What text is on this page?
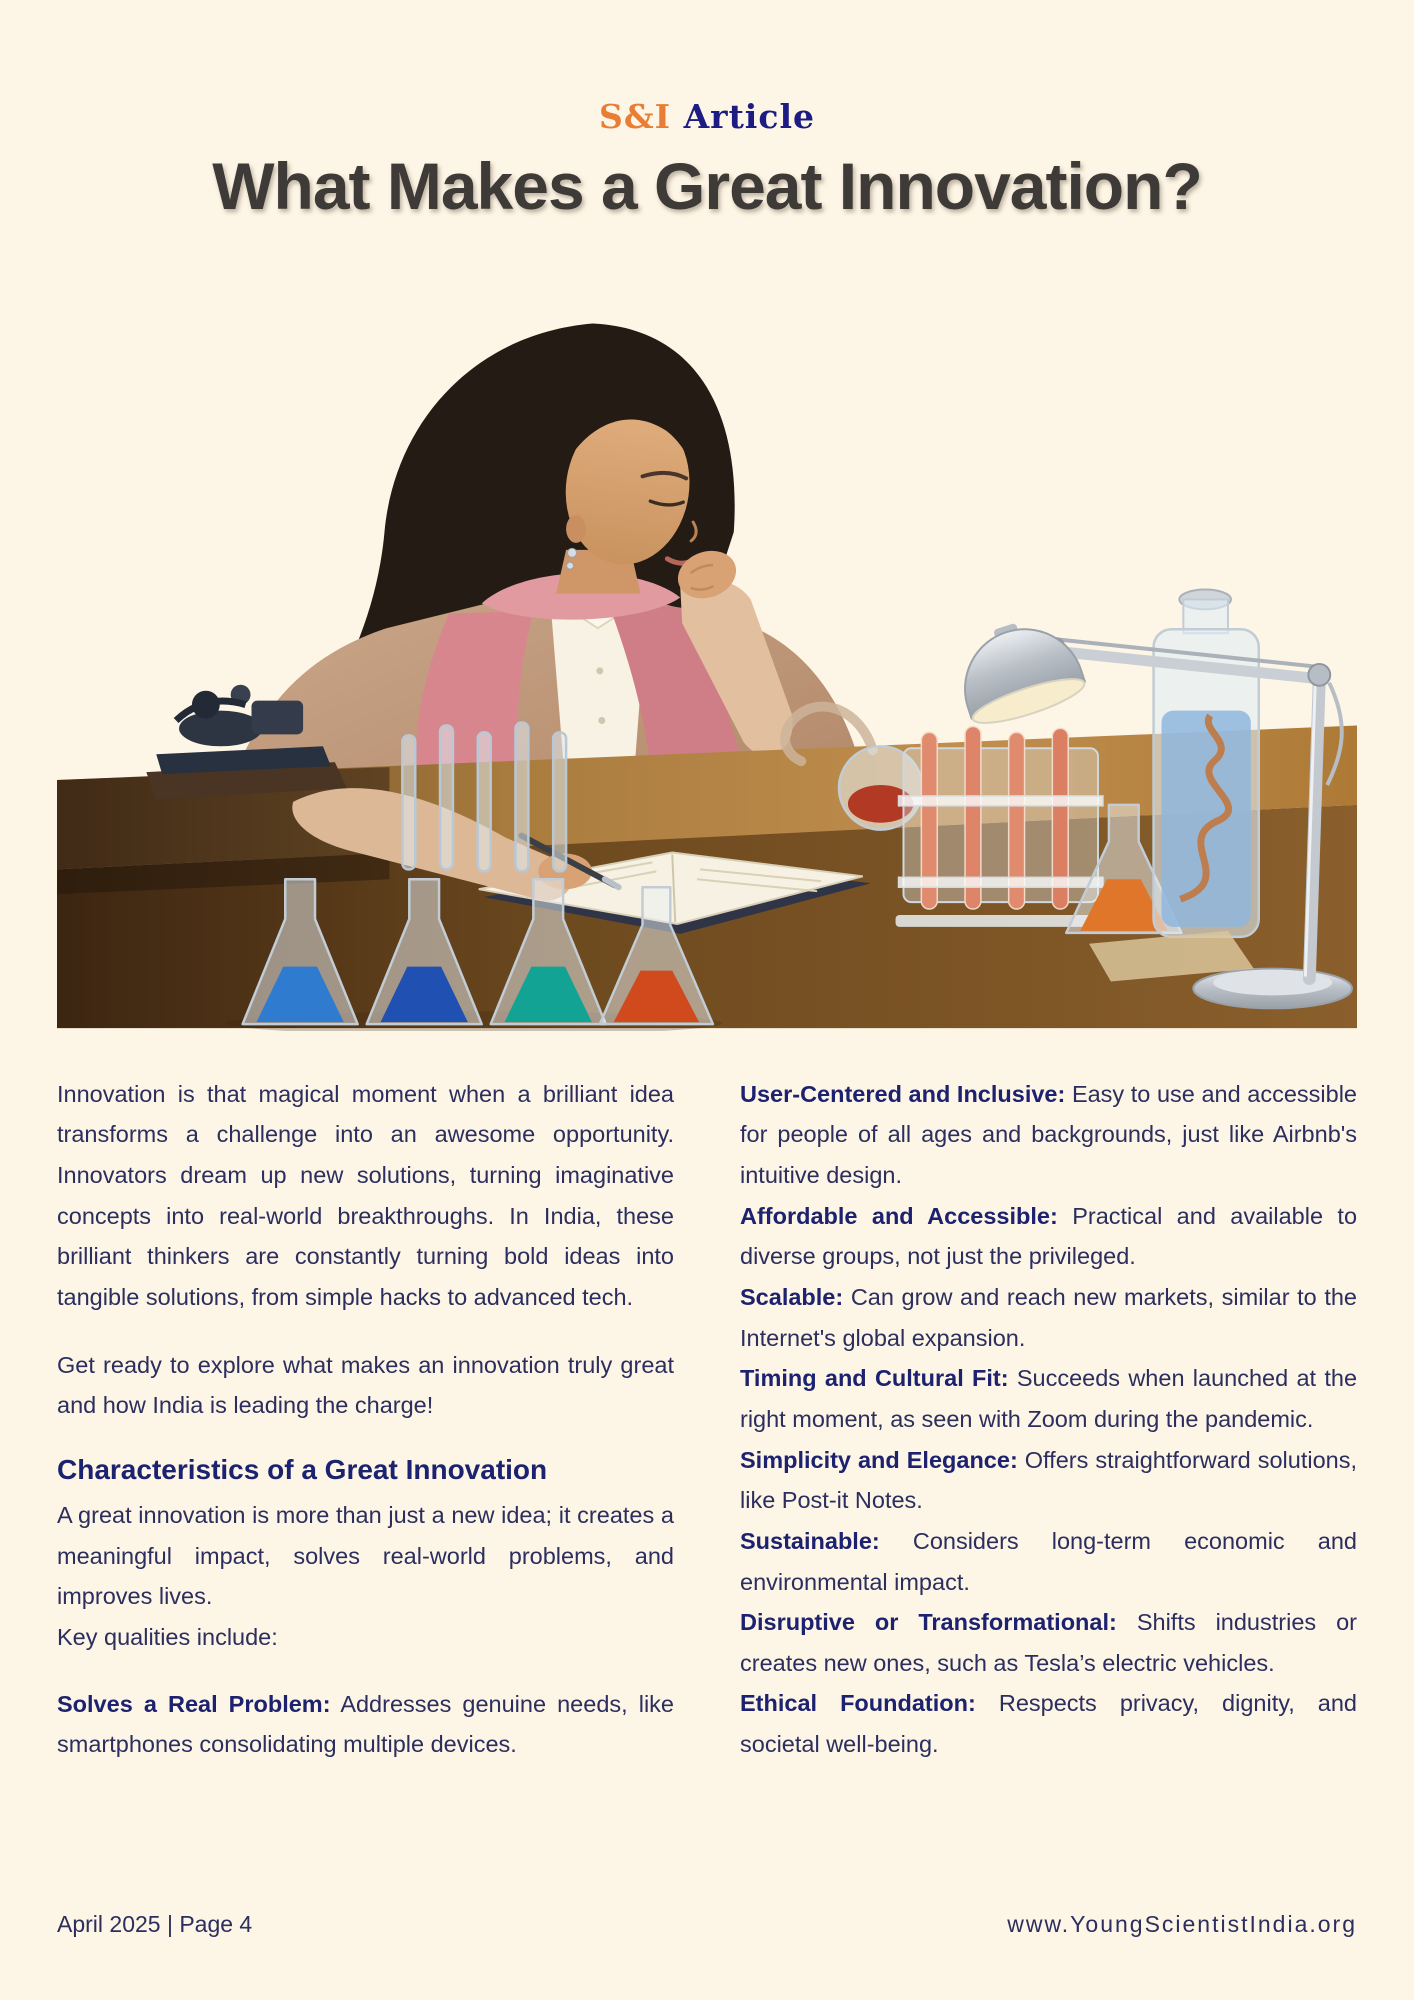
S&I Article
What Makes a Great Innovation?

Innovation is that magical moment when a brilliant idea transforms a challenge into an awesome opportunity. Innovators dream up new solutions, turning imaginative concepts into real-world breakthroughs. In India, these brilliant thinkers are constantly turning bold ideas into tangible solutions, from simple hacks to advanced tech.

Get ready to explore what makes an innovation truly great and how India is leading the charge!

Characteristics of a Great Innovation

A great innovation is more than just a new idea; it creates a meaningful impact, solves real-world problems, and improves lives.

Key qualities include:

Solves a Real Problem: Addresses genuine needs, like smartphones consolidating multiple devices.

User-Centered and Inclusive: Easy to use and accessible for people of all ages and backgrounds, just like Airbnb's intuitive design.

Affordable and Accessible: Practical and available to diverse groups, not just the privileged.

Scalable: Can grow and reach new markets, similar to the Internet's global expansion.

Timing and Cultural Fit: Succeeds when launched at the right moment, as seen with Zoom during the pandemic.

Simplicity and Elegance: Offers straightforward solutions, like Post-it Notes.

Sustainable: Considers long-term economic and environmental impact.

Disruptive or Transformational: Shifts industries or creates new ones, such as Tesla’s electric vehicles.

Ethical Foundation: Respects privacy, dignity, and societal well-being.

April 2025 | Page 4	www.YoungScientistIndia.org
